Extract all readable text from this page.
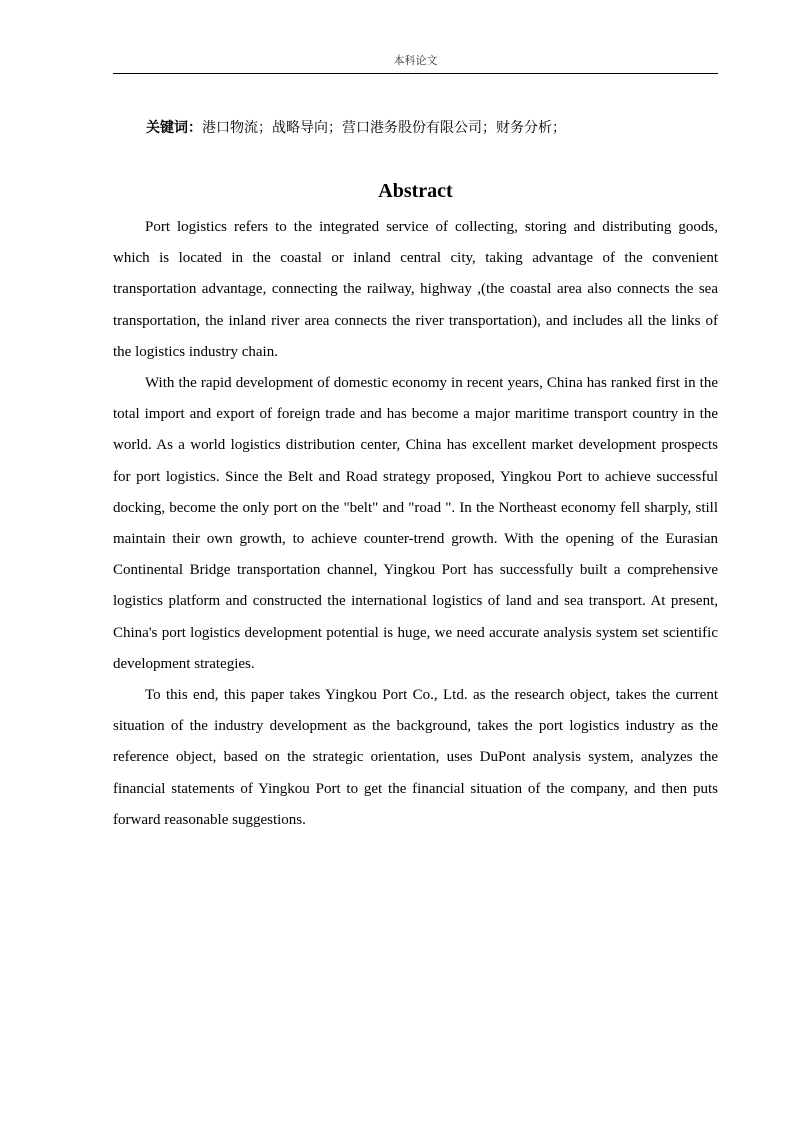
本科论文
关键词：港口物流；战略导向；营口港务股份有限公司；财务分析；
Abstract

Port logistics refers to the integrated service of collecting, storing and distributing goods, which is located in the coastal or inland central city, taking advantage of the convenient transportation advantage, connecting the railway, highway ,(the coastal area also connects the sea transportation, the inland river area connects the river transportation), and includes all the links of the logistics industry chain.

With the rapid development of domestic economy in recent years, China has ranked first in the total import and export of foreign trade and has become a major maritime transport country in the world. As a world logistics distribution center, China has excellent market development prospects for port logistics. Since the Belt and Road strategy proposed, Yingkou Port to achieve successful docking, become the only port on the "belt" and "road ". In the Northeast economy fell sharply, still maintain their own growth, to achieve counter-trend growth. With the opening of the Eurasian Continental Bridge transportation channel, Yingkou Port has successfully built a comprehensive logistics platform and constructed the international logistics of land and sea transport. At present, China's port logistics development potential is huge, we need accurate analysis system set scientific development strategies.

To this end, this paper takes Yingkou Port Co., Ltd. as the research object, takes the current situation of the industry development as the background, takes the port logistics industry as the reference object, based on the strategic orientation, uses DuPont analysis system, analyzes the financial statements of Yingkou Port to get the financial situation of the company, and then puts forward reasonable suggestions.
